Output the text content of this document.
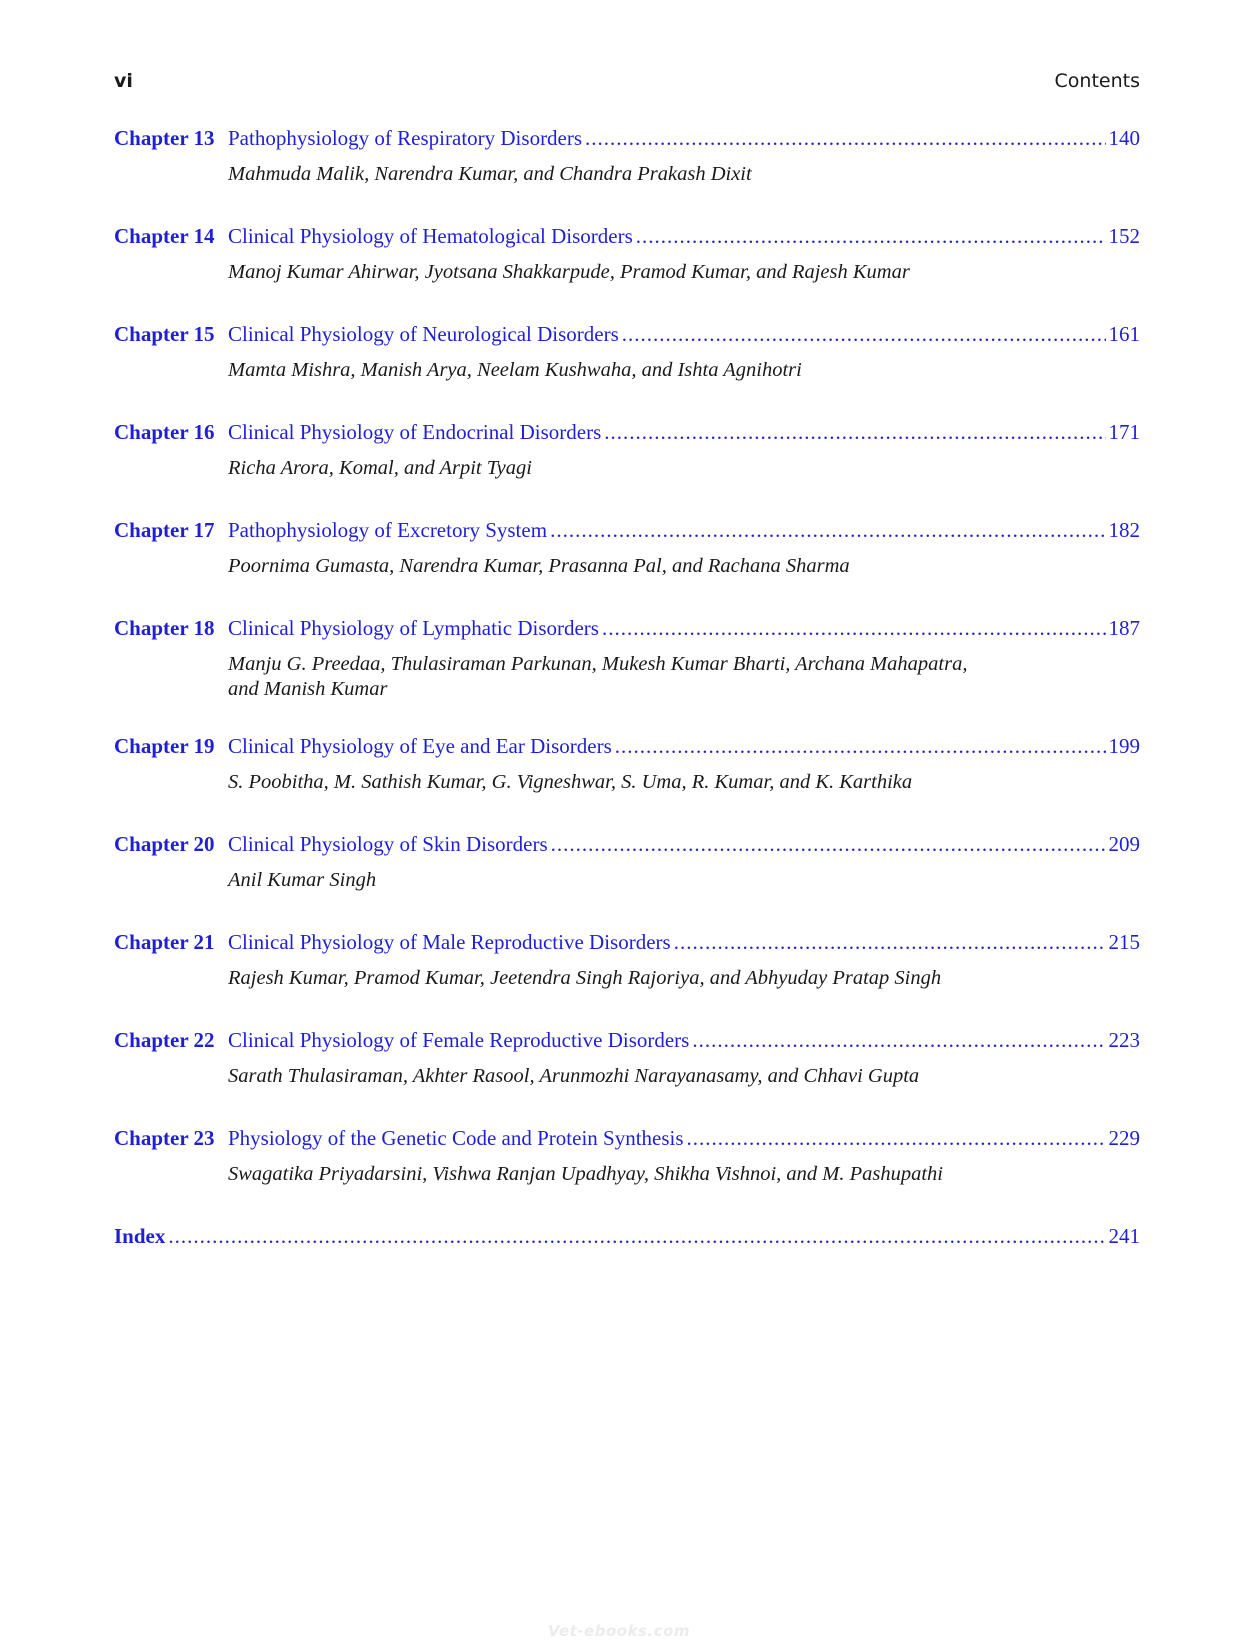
vi	Contents
Chapter 13 Pathophysiology of Respiratory Disorders .....	140
Mahmuda Malik, Narendra Kumar, and Chandra Prakash Dixit
Chapter 14 Clinical Physiology of Hematological Disorders .....	152
Manoj Kumar Ahirwar, Jyotsana Shakkarpude, Pramod Kumar, and Rajesh Kumar
Chapter 15 Clinical Physiology of Neurological Disorders .....	161
Mamta Mishra, Manish Arya, Neelam Kushwaha, and Ishta Agnihotri
Chapter 16 Clinical Physiology of Endocrinal Disorders .....	171
Richa Arora, Komal, and Arpit Tyagi
Chapter 17 Pathophysiology of Excretory System .....	182
Poornima Gumasta, Narendra Kumar, Prasanna Pal, and Rachana Sharma
Chapter 18 Clinical Physiology of Lymphatic Disorders .....	187
Manju G. Preedaa, Thulasiraman Parkunan, Mukesh Kumar Bharti, Archana Mahapatra,
and Manish Kumar
Chapter 19 Clinical Physiology of Eye and Ear Disorders .....	199
S. Poobitha, M. Sathish Kumar, G. Vigneshwar, S. Uma, R. Kumar, and K. Karthika
Chapter 20 Clinical Physiology of Skin Disorders .....	209
Anil Kumar Singh
Chapter 21 Clinical Physiology of Male Reproductive Disorders .....	215
Rajesh Kumar, Pramod Kumar, Jeetendra Singh Rajoriya, and Abhyuday Pratap Singh
Chapter 22 Clinical Physiology of Female Reproductive Disorders .....	223
Sarath Thulasiraman, Akhter Rasool, Arunmozhi Narayanasamy, and Chhavi Gupta
Chapter 23 Physiology of the Genetic Code and Protein Synthesis .....	229
Swagatika Priyadarsini, Vishwa Ranjan Upadhyay, Shikha Vishnoi, and M. Pashupathi
Index .....	241
Vet-ebooks.com
